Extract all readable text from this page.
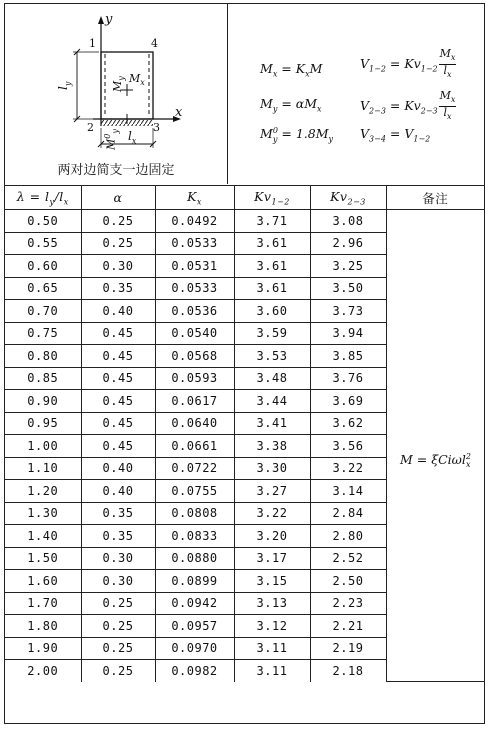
y
x
1	4
2	3
$l_y$
$l_x$
$M_y$ $M_x$
$M^0_y$
两对边简支一边固定
$M_x = K_xM$
$M_y = \alpha M_x$
$M^0_y = 1.8M_y$
$V_{1-2} = Kv_{1-2} \frac{M_x}{l_x}$
$V_{2-3} = Kv_{2-3} \frac{M_x}{l_x}$
$V_{3-4} = V_{1-2}$
$\lambda = l_y/l_x$	α	$K_x$	$Kv_{1-2}$	$Kv_{2-3}$	备注
0.50	0.25	0.0492	3.71	3.08	M = ξCiωl$^2_x$
0.55	0.25	0.0533	3.61	2.96	
0.60	0.30	0.0531	3.61	3.25	
0.65	0.35	0.0533	3.61	3.50	
0.70	0.40	0.0536	3.60	3.73	
0.75	0.45	0.0540	3.59	3.94	
0.80	0.45	0.0568	3.53	3.85	
0.85	0.45	0.0593	3.48	3.76	
0.90	0.45	0.0617	3.44	3.69	
0.95	0.45	0.0640	3.41	3.62	
1.00	0.45	0.0661	3.38	3.56	
1.10	0.40	0.0722	3.30	3.22	
1.20	0.40	0.0755	3.27	3.14	
1.30	0.35	0.0808	3.22	2.84	
1.40	0.35	0.0833	3.20	2.80	
1.50	0.30	0.0880	3.17	2.52	
1.60	0.30	0.0899	3.15	2.50	
1.70	0.25	0.0942	3.13	2.23	
1.80	0.25	0.0957	3.12	2.21	
1.90	0.25	0.0970	3.11	2.19	
2.00	0.25	0.0982	3.11	2.18	
